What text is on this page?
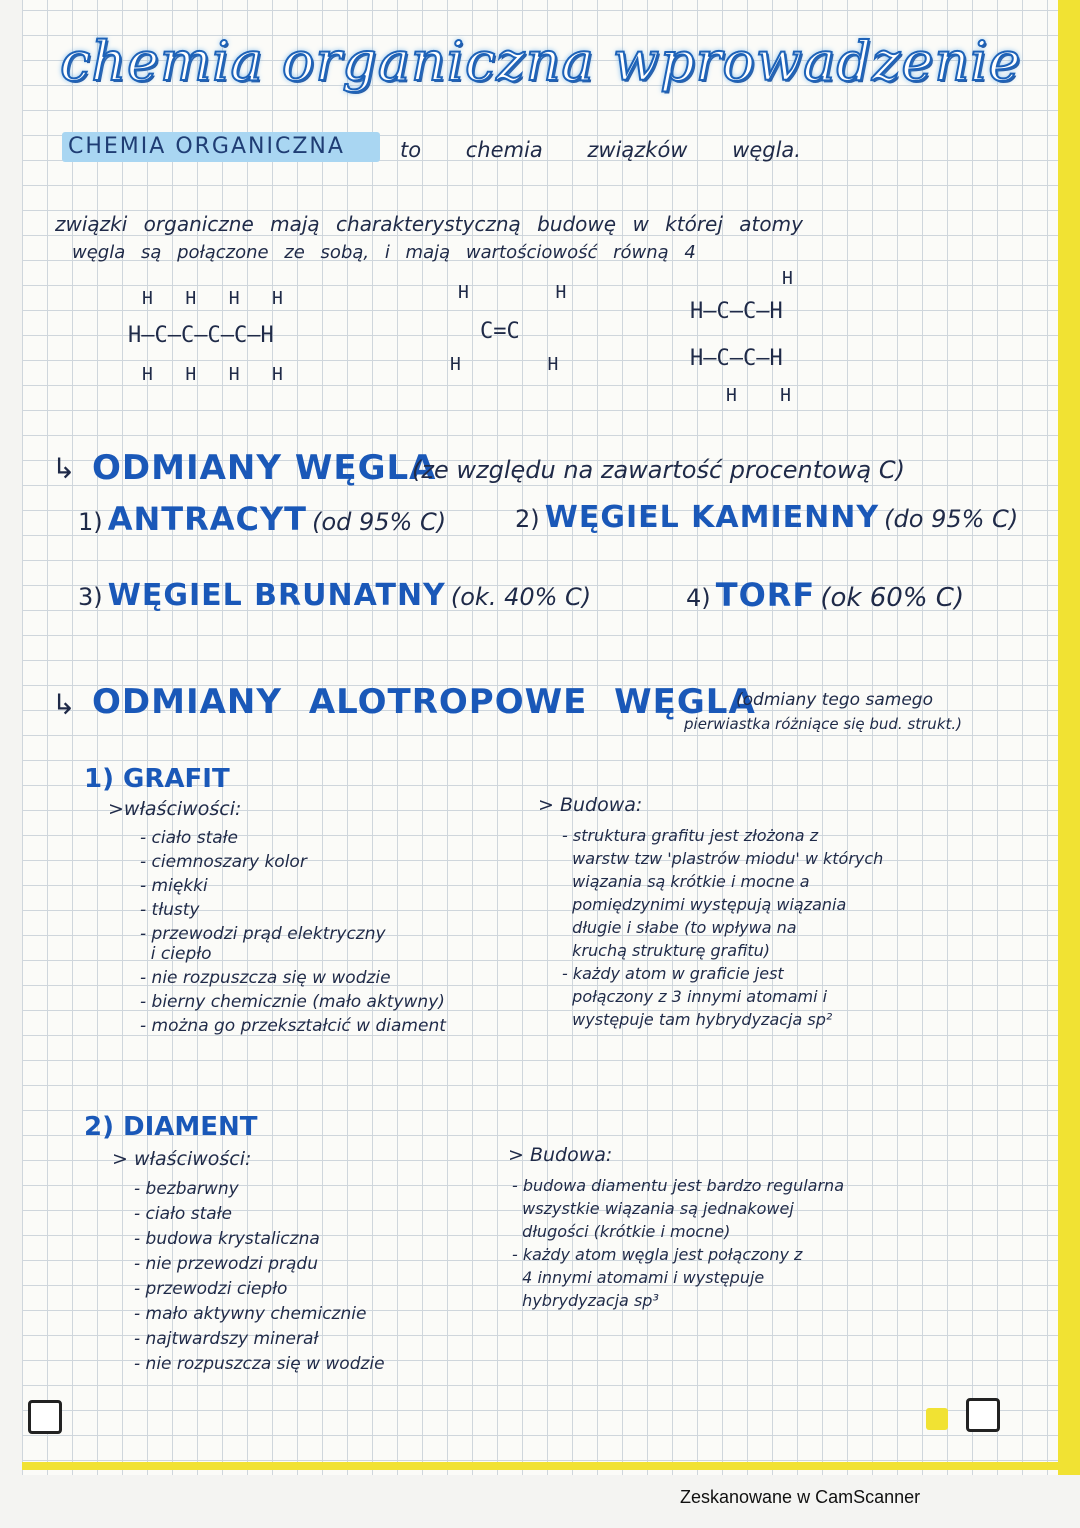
chemia organiczna wprowadzenie
CHEMIA ORGANICZNA	to chemia związków węgla.
związki organiczne mają charakterystyczną budowę w której atomy
węgla są połączone ze sobą, i mają wartościowość równą 4
H   H   H   H
H—C—C—C—C—H
H   H   H   H
H        H
C=C
H        H
H
H—C—C—H
H—C—C—H
H    H
↳ ODMIANY WĘGLA
(ze względu na zawartość procentową C)
1) ANTRACYT (od 95% C)	2) WĘGIEL KAMIENNY (do 95% C)
3) WĘGIEL BRUNATNY (ok. 40% C)	4) TORF (ok 60% C)
↳ ODMIANY ALOTROPOWE WĘGLA
(odmiany tego samego
pierwiastka różniące się bud. strukt.)
1) GRAFIT
>właściwości:
- ciało stałe
- ciemnoszary kolor
- miękki
- tłusty
- przewodzi prąd elektryczny
i ciepło
- nie rozpuszcza się w wodzie
- bierny chemicznie (mało aktywny)
- można go przekształcić w diament
> Budowa:
- struktura grafitu jest złożona z
warstw tzw 'plastrów miodu' w których
wiązania są krótkie i mocne a
pomiędzynimi występują wiązania
długie i słabe (to wpływa na
kruchą strukturę grafitu)
- każdy atom w graficie jest
połączony z 3 innymi atomami i
występuje tam hybrydyzacja sp²
2) DIAMENT
> właściwości:
- bezbarwny
- ciało stałe
- budowa krystaliczna
- nie przewodzi prądu
- przewodzi ciepło
- mało aktywny chemicznie
- najtwardszy minerał
- nie rozpuszcza się w wodzie
> Budowa:
- budowa diamentu jest bardzo regularna
wszystkie wiązania są jednakowej
długości (krótkie i mocne)
- każdy atom węgla jest połączony z
4 innymi atomami i występuje
hybrydyzacja sp³
Zeskanowane w CamScanner
